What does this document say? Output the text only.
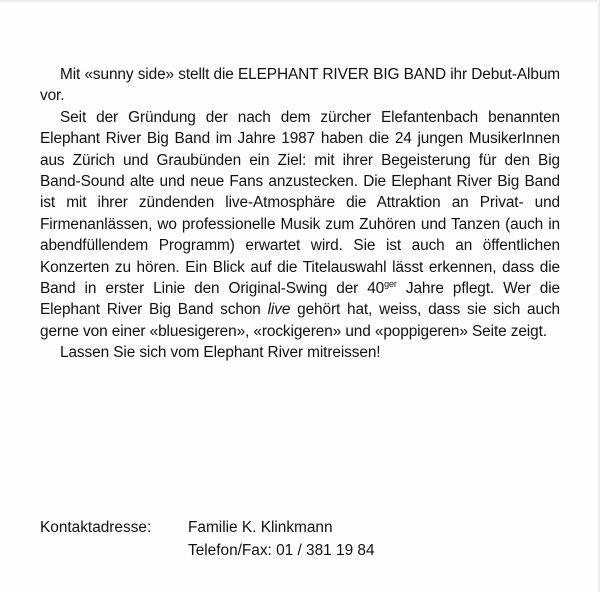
Mit «sunny side» stellt die ELEPHANT RIVER BIG BAND ihr Debut-Album vor.

Seit der Gründung der nach dem zürcher Elefantenbach benannten Elephant River Big Band im Jahre 1987 haben die 24 jungen MusikerInnen aus Zürich und Graubünden ein Ziel: mit ihrer Begeisterung für den Big Band-Sound alte und neue Fans anzustecken. Die Elephant River Big Band ist mit ihrer zündenden live-Atmosphäre die Attraktion an Privat- und Firmenanlässen, wo professionelle Musik zum Zuhören und Tanzen (auch in abendfüllendem Programm) erwartet wird. Sie ist auch an öffentlichen Konzerten zu hören. Ein Blick auf die Titelauswahl lässt erkennen, dass die Band in erster Linie den Original-Swing der $40^{ger}$ Jahre pflegt. Wer die Elephant River Big Band schon live gehört hat, weiss, dass sie sich auch gerne von einer «bluesigeren», «rockigeren» und «poppigeren» Seite zeigt.

Lassen Sie sich vom Elephant River mitreissen!

Kontaktadresse: Familie K. Klinkmann
Telefon/Fax: 01 / 381 19 84
